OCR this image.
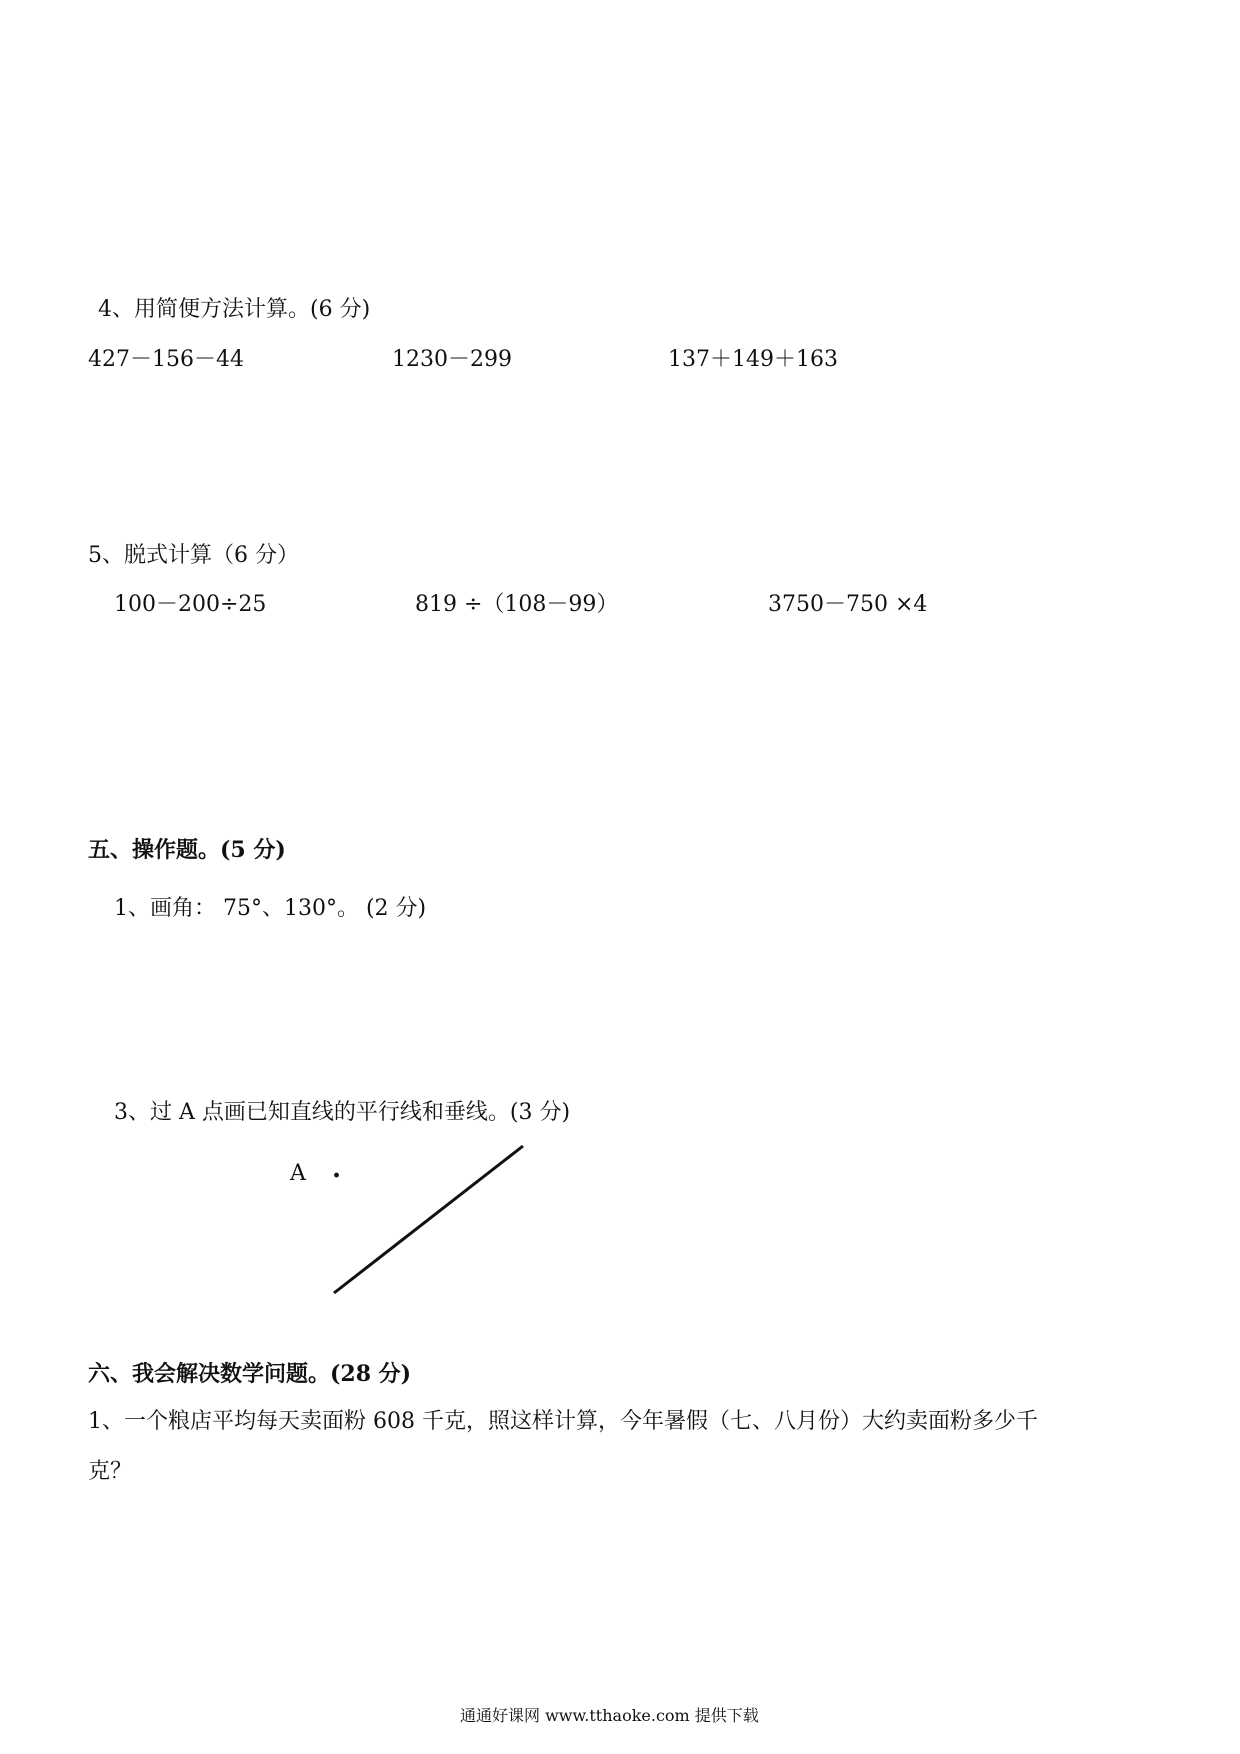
4、用简便方法计算。(6 分)
427－156－44	1230－299	137＋149＋163
5、脱式计算（6 分）
100－200÷25	819 ÷（108－99）	3750－750 ×4
五、操作题。(5 分)
1、画角： 75°、130°。 (2 分)
3、过 A 点画已知直线的平行线和垂线。(3 分)
A .
六、我会解决数学问题。(28 分)
1、一个粮店平均每天卖面粉 608 千克，照这样计算，今年暑假（七、八月份）大约卖面粉多少千
克？
通通好课网 www.tthaoke.com 提供下载
